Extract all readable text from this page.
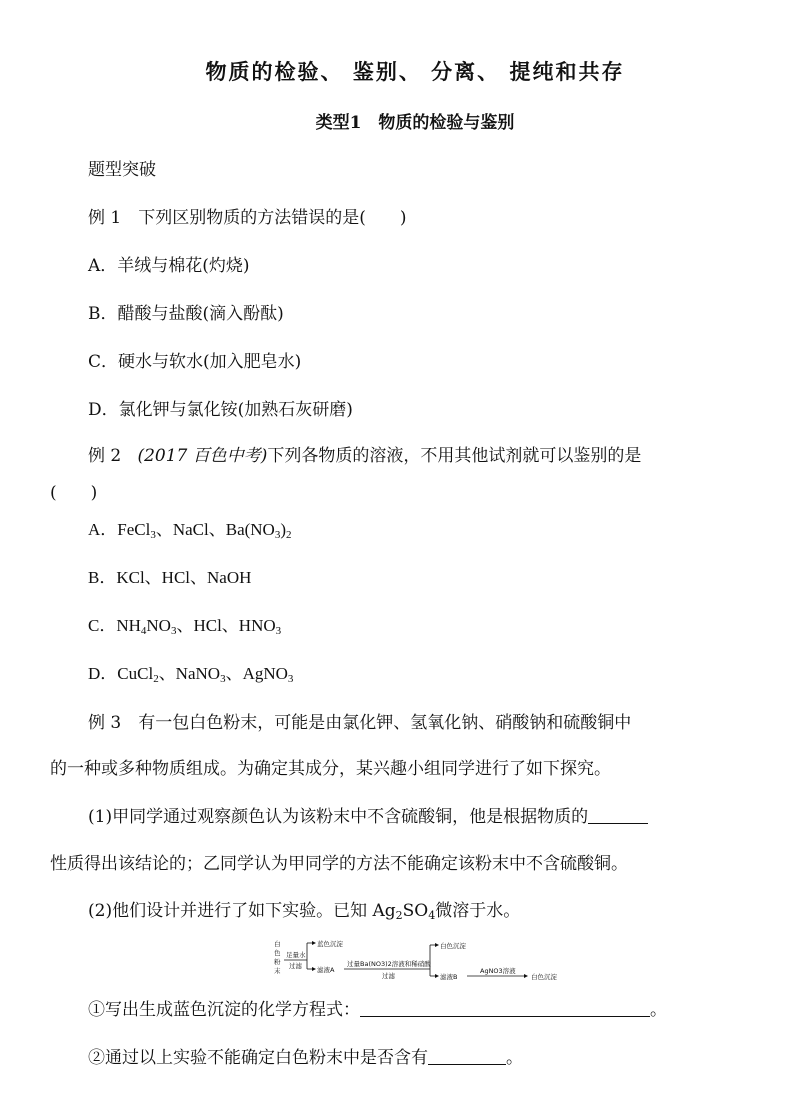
物质的检验、 鉴别、 分离、 提纯和共存
类型1　物质的检验与鉴别
题型突破
例 1　下列区别物质的方法错误的是(　　)
A．羊绒与棉花(灼烧)
B．醋酸与盐酸(滴入酚酞)
C．硬水与软水(加入肥皂水)
D．氯化钾与氯化铵(加熟石灰研磨)
例 2 (2017 百色中考)下列各物质的溶液，不用其他试剂就可以鉴别的是
(　　)
A．FeCl$_3$、NaCl、$Ba(NO_3)_2$
B．KCl、HCl、NaOH
C．$NH_4NO_3$、HCl、$HNO_3$
D．CuCl$_2$、NaNO$_3$、AgNO$_3$
例 3　有一包白色粉末，可能是由氯化钾、氢氧化钠、硝酸钠和硫酸铜中
的一种或多种物质组成。为确定其成分，某兴趣小组同学进行了如下探究。
(1)甲同学通过观察颜色认为该粉末中不含硫酸铜，他是根据物质的
性质得出该结论的；乙同学认为甲同学的方法不能确定该粉末中不含硫酸铜。
(2)他们设计并进行了如下实验。已知 $Ag_2SO_4$微溶于水。
白
色
粉
末
足量水
过滤
蓝色沉淀
滤液A
过量Ba(NO3)2溶液和稀硝酸
过滤
白色沉淀
滤液B
AgNO3溶液
白色沉淀
①写出生成蓝色沉淀的化学方程式：	。
②通过以上实验不能确定白色粉末中是否含有	。
